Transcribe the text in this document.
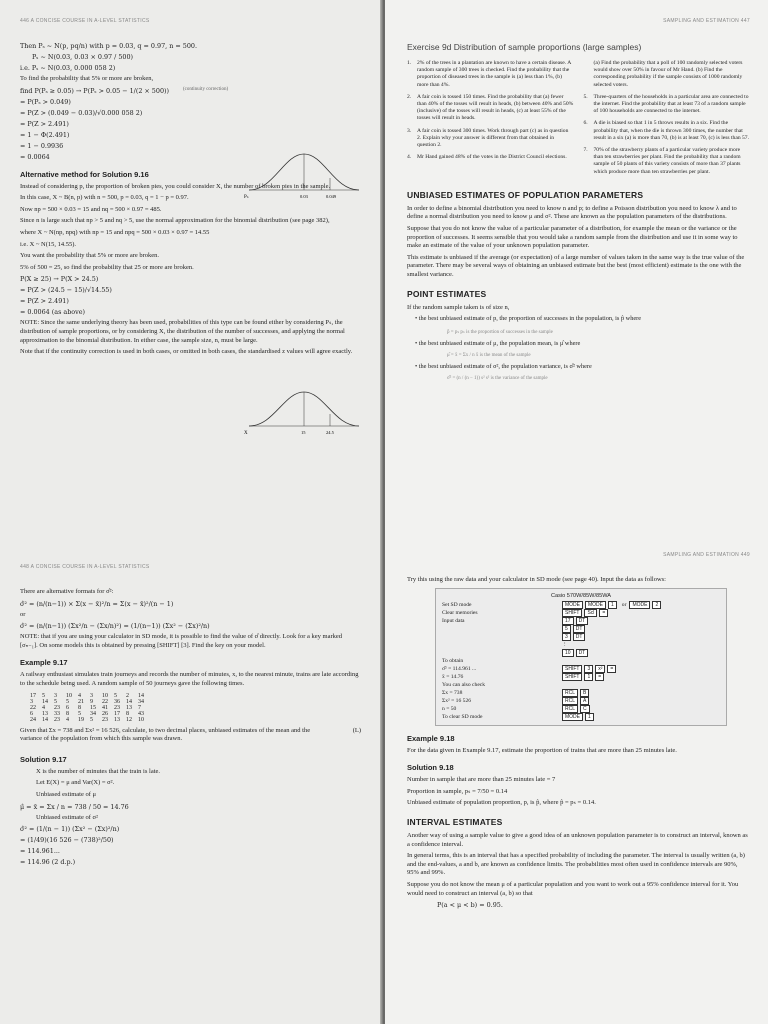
446 A CONCISE COURSE IN A-LEVEL STATISTICS

Then Pₛ ~ N(p, pq/n) with p = 0.03, q = 0.97, n = 500.

Pₛ ~ N(0.03, 0.03 × 0.97 / 500)

i.e. Pₛ ~ N(0.03, 0.000 058 2)

To find the probability that 5% or more are broken,

find P(Pₛ ≥ 0.05) → P(Pₛ > 0.05 − 1/(2 × 500))	(continuity correction)

= P(Pₛ > 0.049)

= P(Z > (0.049 − 0.03)/√0.000 058 2)

= P(Z > 2.491)

= 1 − Φ(2.491)

= 1 − 0.9936

= 0.0064

Pₛ	0.03	0.049
Alternative method for Solution 9.16

Instead of considering p, the proportion of broken pies, you could consider X, the number of broken pies in the sample.

In this case, X ~ B(n, p) with n = 500, p = 0.03, q = 1 − p = 0.97.

Now np = 500 × 0.03 = 15 and nq = 500 × 0.97 = 485.

Since n is large such that np > 5 and nq > 5, use the normal approximation for the binomial distribution (see page 382),

where X ~ N(np, npq) with np = 15 and npq = 500 × 0.03 × 0.97 = 14.55

i.e. X ~ N(15, 14.55).

You want the probability that 5% or more are broken.

5% of 500 = 25, so find the probability that 25 or more are broken.

P(X ≥ 25) → P(X > 24.5)

= P(Z > (24.5 − 15)/√14.55)

= P(Z > 2.491)

= 0.0064 (as above)

X	15	24.5

NOTE: Since the same underlying theory has been used, probabilities of this type can be found either by considering Pₛ, the distribution of sample proportions, or by considering X, the distribution of the number of successes, and applying the normal approximation to the binomial distribution. In either case, the sample size, n, must be large.

Note that if the continuity correction is used in both cases, or omitted in both cases, the standardised z values will agree exactly.

SAMPLING AND ESTIMATION 447
Exercise 9d Distribution of sample proportions (large samples)
1.	2% of the trees in a plantation are known to have a certain disease. A random sample of 300 trees is checked. Find the probability that the proportion of diseased trees in the sample is (a) less than 1%, (b) more than 4%.
2.	A fair coin is tossed 150 times. Find the probability that (a) fewer than 40% of the tosses will result in heads, (b) between 40% and 50% (inclusive) of the tosses will result in heads, (c) at least 55% of the tosses will result in heads.
3.	A fair coin is tossed 300 times. Work through part (c) as in question 2. Explain why your answer is different from that obtained in question 2.
4.	Mr Hand gained 48% of the votes in the District Council elections.
(a) Find the probability that a poll of 100 randomly selected voters would show over 50% in favour of Mr Hand. (b) Find the corresponding probability if the sample consists of 1000 randomly selected voters.
5.	Three-quarters of the households in a particular area are connected to the internet. Find the probability that at least 73 of a random sample of 100 households are connected to the internet.
6.	A die is biased so that 1 in 5 throws results in a six. Find the probability that, when the die is thrown 300 times, the number that result in a six (a) is more than 70, (b) is at least 70, (c) is less than 57.
7.	70% of the strawberry plants of a particular variety produce more than ten strawberries per plant. Find the probability that a random sample of 50 plants of this variety consists of more than 37 plants which produce more than ten strawberries per plant.
UNBIASED ESTIMATES OF POPULATION PARAMETERS

In order to define a binomial distribution you need to know n and p; to define a Poisson distribution you need to know λ and to define a normal distribution you need to know μ and σ². These are known as the population parameters of the distributions.

Suppose that you do not know the value of a particular parameter of a distribution, for example the mean or the variance or the proportion of successes. It seems sensible that you would take a random sample from the distribution and use it in some way to make an estimate of the value of your unknown population parameter.

This estimate is unbiased if the average (or expectation) of a large number of values taken in the same way is the true value of the parameter. There may be several ways of obtaining an unbiased estimate but the best (most efficient) estimate is the one with the smallest variance.

POINT ESTIMATES

If the random sample taken is of size n,

• the best unbiased estimate of p, the proportion of successes in the population, is p̂ where

p̂ = pₛ pₛ is the proportion of successes in the sample

• the best unbiased estimate of μ, the population mean, is μ̂ where

μ̂ = x̄ = Σx / n x̄ is the mean of the sample

• the best unbiased estimate of σ², the population variance, is σ̂² where

σ̂² = (n / (n − 1)) s² s² is the variance of the sample

448 A CONCISE COURSE IN A-LEVEL STATISTICS

There are alternative formats for σ̂²:

σ̂² = (n/(n−1)) × Σ(x − x̄)²/n = Σ(x − x̄)²/(n − 1)

or

σ̂² = (n/(n−1)) (Σx²/n − (Σx/n)²) = (1/(n−1)) (Σx² − (Σx)²/n)

NOTE: that if you are using your calculator in SD mode, it is possible to find the value of σ̂ directly. Look for a key marked [σₙ₋₁]. On some models this is obtained by pressing [SHIFT] [3]. Find the key on your model.

Example 9.17

A railway enthusiast simulates train journeys and records the number of minutes, x, to the nearest minute, trains are late according to the schedule being used. A random sample of 50 journeys gave the following times.

17	5	3	10	4	3	10	5	2	14
3	14	5	5	21	9	22	36	14	34
22	4	23	6	8	15	41	23	13	7
6	13	33	8	5	34	26	17	8	43
24	14	23	4	19	5	23	13	12	10

Given that Σx = 738 and Σx² = 16 526, calculate, to two decimal places, unbiased estimates of the mean and the variance of the population from which this sample was drawn.

(L)
Solution 9.17

X is the number of minutes that the train is late.

Let E(X) = μ and Var(X) = σ².

Unbiased estimate of μ

μ̂ = x̄ = Σx / n = 738 / 50 = 14.76

Unbiased estimate of σ²

σ̂² = (1/(n − 1)) (Σx² − (Σx)²/n)

= (1/49)(16 526 − (738)²/50)

= 114.961...

= 114.96 (2 d.p.)

SAMPLING AND ESTIMATION 449

Try this using the raw data and your calculator in SD mode (see page 40). Input the data as follows:

Casio 570W/85W/85WA
Set SD mode	MODE	MODE	1	or	MODE	2
Clear memories	SHIFT	Scl	=
Input data	17	DT
5	DT
3	DT
⋮
10	DT
To obtain
σ̂² = 114.961 ...	SHIFT	3	x²	=
x̄ = 14.76	SHIFT	1	=
You can also check
Σx = 738	RCL	B
Σx² = 16 526	RCL	A
n = 50	RCL	C
To clear SD mode	MODE	1
Example 9.18

For the data given in Example 9.17, estimate the proportion of trains that are more than 25 minutes late.

Solution 9.18

Number in sample that are more than 25 minutes late = 7

Proportion in sample, pₛ = 7/50 = 0.14

Unbiased estimate of population proportion, p, is p̂, where p̂ = pₛ = 0.14.

INTERVAL ESTIMATES

Another way of using a sample value to give a good idea of an unknown population parameter is to construct an interval, known as a confidence interval.

In general terms, this is an interval that has a specified probability of including the parameter. The interval is usually written (a, b) and the end-values, a and b, are known as confidence limits. The probabilities most often used in confidence intervals are 90%, 95% and 99%.

Suppose you do not know the mean μ of a particular population and you want to work out a 95% confidence interval for it. You would need to construct an interval (a, b) so that

P(a < μ < b) = 0.95.
